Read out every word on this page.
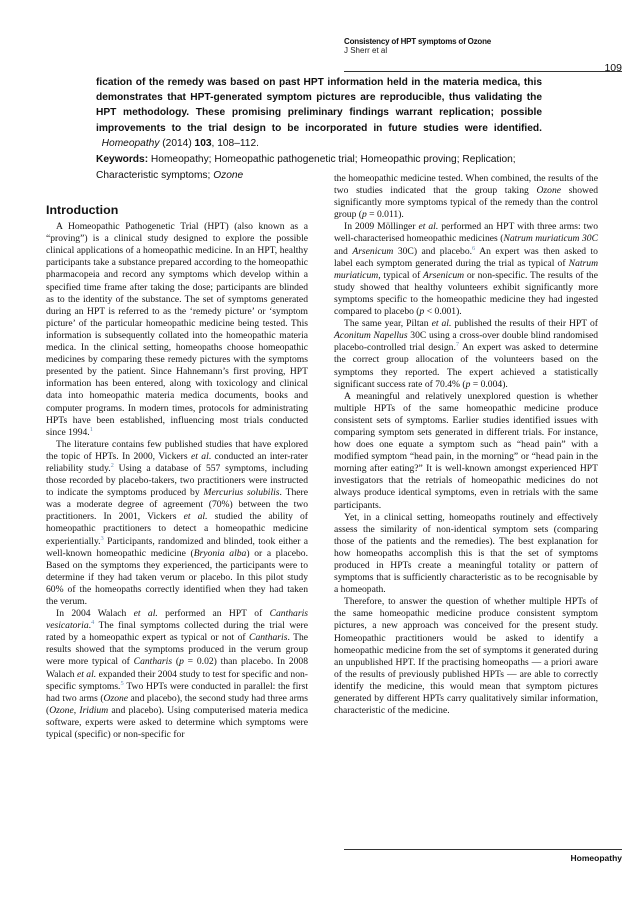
Consistency of HPT symptoms of Ozone
J Sherr et al
109
fication of the remedy was based on past HPT information held in the materia medica, this demonstrates that HPT-generated symptom pictures are reproducible, thus validating the HPT methodology. These promising preliminary findings warrant replication; possible improvements to the trial design to be incorporated in future studies were identified.   Homeopathy (2014) 103, 108–112.
Keywords: Homeopathy; Homeopathic pathogenetic trial; Homeopathic proving; Replication; Characteristic symptoms; Ozone
Introduction

A Homeopathic Pathogenetic Trial (HPT) (also known as a “proving”) is a clinical study designed to explore the possible clinical applications of a homeopathic medicine. In an HPT, healthy participants take a substance prepared according to the homeopathic pharmacopeia and record any symptoms which develop within a specified time frame after taking the dose; participants are blinded as to the identity of the substance. The set of symptoms generated during an HPT is referred to as the ‘remedy picture’ or ‘symptom picture’ of the particular homeopathic medicine being tested. This information is subsequently collated into the homeopathic materia medica. In the clinical setting, homeopaths choose homeopathic medicines by comparing these remedy pictures with the symptoms presented by the patient. Since Hahnemann’s first proving, HPT information has been entered, along with toxicology and clinical data into homeopathic materia medica documents, books and computer programs. In modern times, protocols for administrating HPTs have been established, influencing most trials conducted since 1994.$^1$

The literature contains few published studies that have explored the topic of HPTs. In 2000, Vickers et al. conducted an inter-rater reliability study.$^2$ Using a database of 557 symptoms, including those recorded by placebo-takers, two practitioners were instructed to indicate the symptoms produced by Mercurius solubilis. There was a moderate degree of agreement (70%) between the two practitioners. In 2001, Vickers et al. studied the ability of homeopathic practitioners to detect a homeopathic medicine experientially.$^3$ Participants, randomized and blinded, took either a well-known homeopathic medicine (Bryonia alba) or a placebo. Based on the symptoms they experienced, the participants were to determine if they had taken verum or placebo. In this pilot study 60% of the homeopaths correctly identified when they had taken the verum.

In 2004 Walach et al. performed an HPT of Cantharis vesicatoria.$^4$ The final symptoms collected during the trial were rated by a homeopathic expert as typical or not of Cantharis. The results showed that the symptoms produced in the verum group were more typical of Cantharis (p = 0.02) than placebo. In 2008 Walach et al. expanded their 2004 study to test for specific and non-specific symptoms.$^5$ Two HPTs were conducted in parallel: the first had two arms (Ozone and placebo), the second study had three arms (Ozone, Iridium and placebo). Using computerised materia medica software, experts were asked to determine which symptoms were typical (specific) or non-specific for

the homeopathic medicine tested. When combined, the results of the two studies indicated that the group taking Ozone showed significantly more symptoms typical of the remedy than the control group (p = 0.011).

In 2009 Möllinger et al. performed an HPT with three arms: two well-characterised homeopathic medicines (Natrum muriaticum 30C and Arsenicum 30C) and placebo.$^6$ An expert was then asked to label each symptom generated during the trial as typical of Natrum muriaticum, typical of Arsenicum or non-specific. The results of the study showed that healthy volunteers exhibit significantly more symptoms specific to the homeopathic medicine they had ingested compared to placebo (p < 0.001).

The same year, Piltan et al. published the results of their HPT of Aconitum Napellus 30C using a cross-over double blind randomised placebo-controlled trial design.$^7$ An expert was asked to determine the correct group allocation of the volunteers based on the symptoms they reported. The expert achieved a statistically significant success rate of 70.4% (p = 0.004).

A meaningful and relatively unexplored question is whether multiple HPTs of the same homeopathic medicine produce consistent sets of symptoms. Earlier studies identified issues with comparing symptom sets generated in different trials. For instance, how does one equate a symptom such as “head pain” with a modified symptom “head pain, in the morning” or “head pain in the morning after eating?” It is well-known amongst experienced HPT investigators that the retrials of homeopathic medicines do not always produce identical symptoms, even in retrials with the same participants.

Yet, in a clinical setting, homeopaths routinely and effectively assess the similarity of non-identical symptom sets (comparing those of the patients and the remedies). The best explanation for how homeopaths accomplish this is that the set of symptoms produced in HPTs create a meaningful totality or pattern of symptoms that is sufficiently characteristic as to be recognisable by a homeopath.

Therefore, to answer the question of whether multiple HPTs of the same homeopathic medicine produce consistent symptom pictures, a new approach was conceived for the present study. Homeopathic practitioners would be asked to identify a homeopathic medicine from the set of symptoms it generated during an unpublished HPT. If the practising homeopaths — a priori aware of the results of previously published HPTs — are able to correctly identify the medicine, this would mean that symptom pictures generated by different HPTs carry qualitatively similar information, characteristic of the medicine.

Homeopathy
